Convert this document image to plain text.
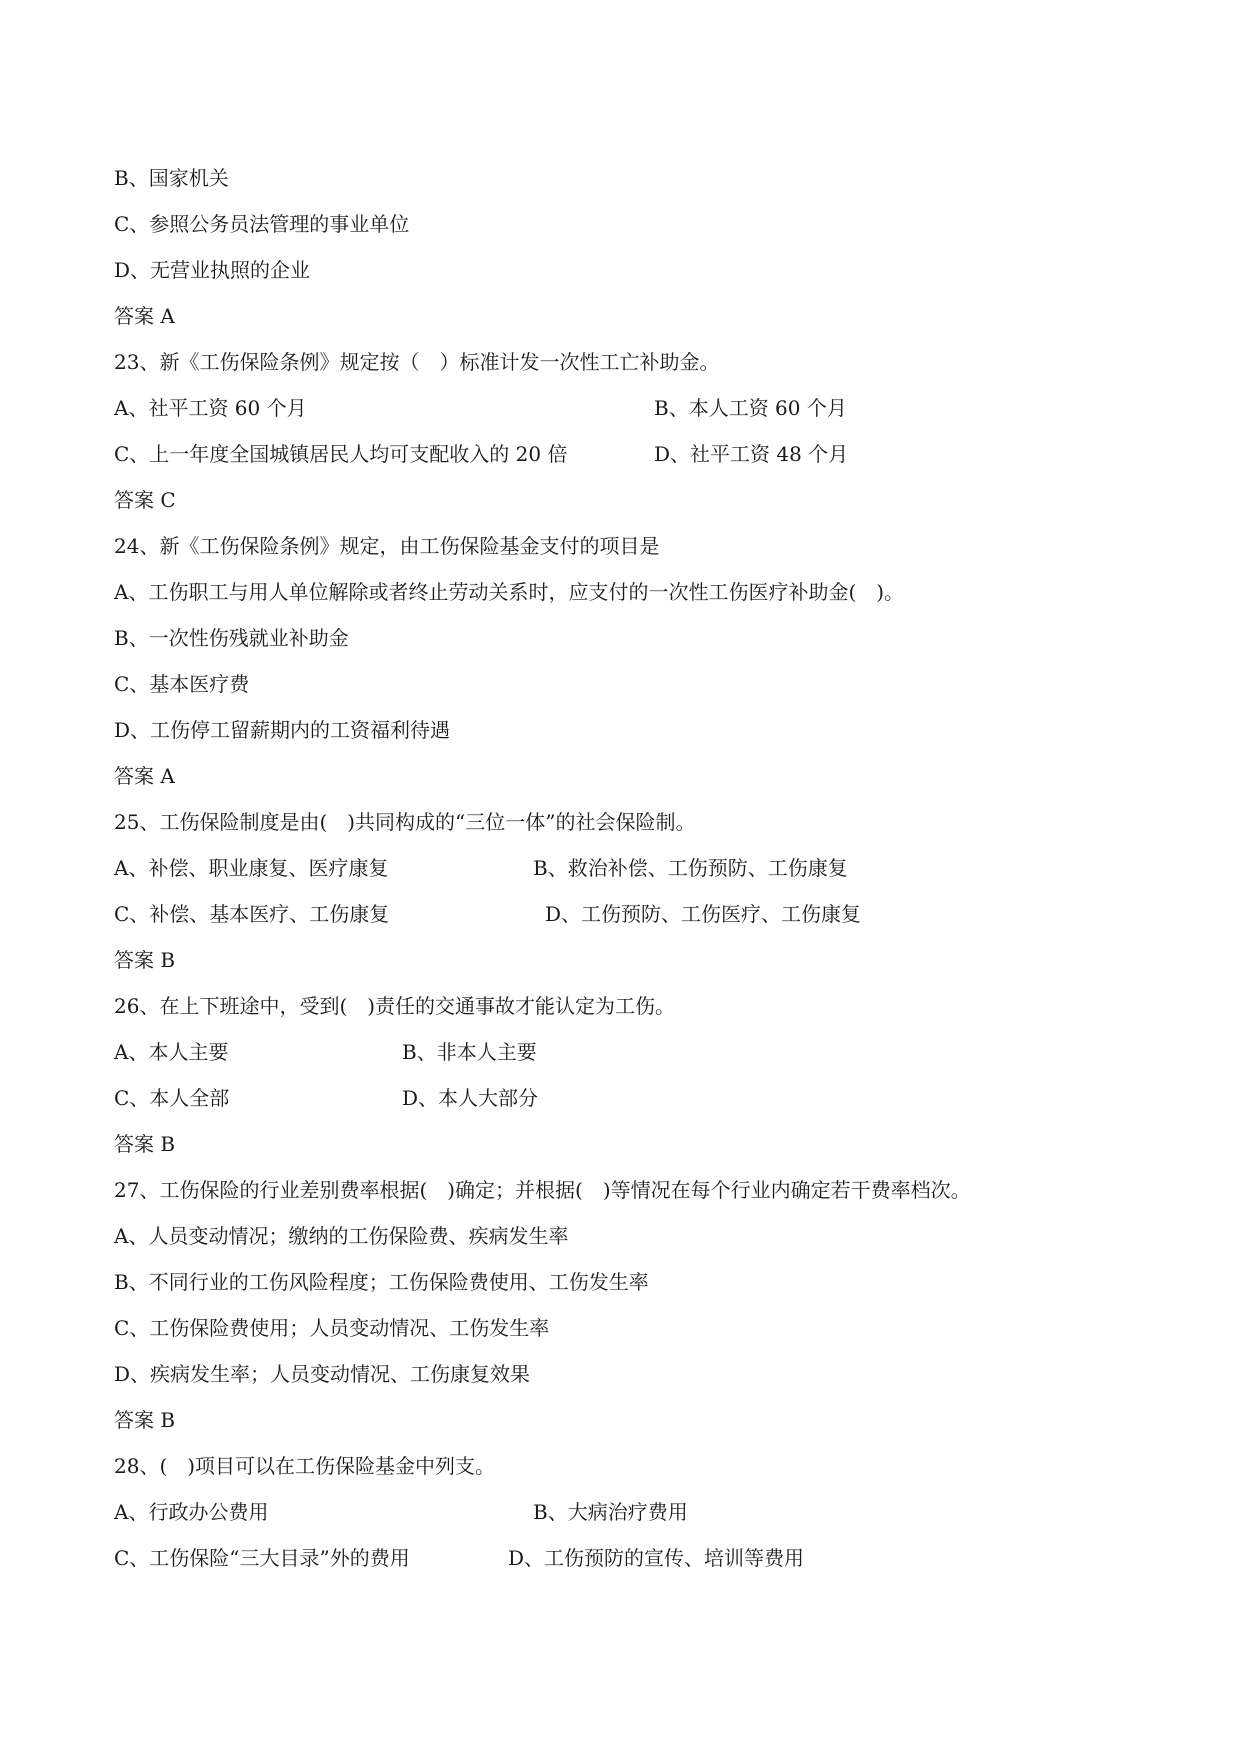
B、国家机关
C、参照公务员法管理的事业单位
D、无营业执照的企业
答案 A
23、新《工伤保险条例》规定按（　）标准计发一次性工亡补助金。
A、社平工资 60 个月	B、本人工资 60 个月
C、上一年度全国城镇居民人均可支配收入的 20 倍	D、社平工资 48 个月
答案 C
24、新《工伤保险条例》规定，由工伤保险基金支付的项目是
A、工伤职工与用人单位解除或者终止劳动关系时，应支付的一次性工伤医疗补助金(　)。
B、一次性伤残就业补助金
C、基本医疗费
D、工伤停工留薪期内的工资福利待遇
答案 A
25、工伤保险制度是由(　)共同构成的“三位一体”的社会保险制。
A、补偿、职业康复、医疗康复	B、救治补偿、工伤预防、工伤康复
C、补偿、基本医疗、工伤康复	D、工伤预防、工伤医疗、工伤康复
答案 B
26、在上下班途中，受到(　)责任的交通事故才能认定为工伤。
A、本人主要	B、非本人主要
C、本人全部	D、本人大部分
答案 B
27、工伤保险的行业差别费率根据(　)确定；并根据(　)等情况在每个行业内确定若干费率档次。
A、人员变动情况；缴纳的工伤保险费、疾病发生率
B、不同行业的工伤风险程度；工伤保险费使用、工伤发生率
C、工伤保险费使用；人员变动情况、工伤发生率
D、疾病发生率；人员变动情况、工伤康复效果
答案 B
28、(　)项目可以在工伤保险基金中列支。
A、行政办公费用	B、大病治疗费用
C、工伤保险“三大目录”外的费用	D、工伤预防的宣传、培训等费用
